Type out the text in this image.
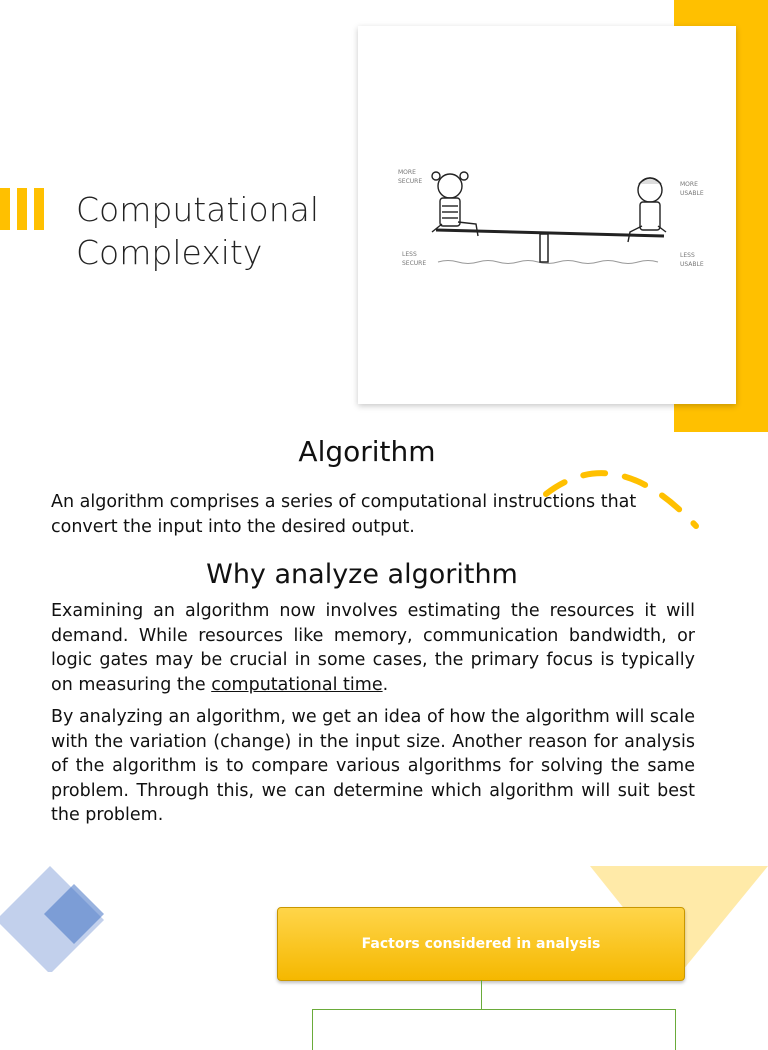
MORE
SECURE
LESS
SECURE
MORE
USABLE
LESS
USABLE
Computational
Complexity
Algorithm
An algorithm comprises a series of computational instructions that convert the input into the desired output.
Why analyze algorithm
Examining an algorithm now involves estimating the resources it will demand. While resources like memory, communication bandwidth, or logic gates may be crucial in some cases, the primary focus is typically on measuring the computational time.
By analyzing an algorithm, we get an idea of how the algorithm will scale with the variation (change) in the input size. Another reason for analysis of the algorithm is to compare various algorithms for solving the same problem. Through this, we can determine which algorithm will suit best the problem.
Factors considered in analysis
